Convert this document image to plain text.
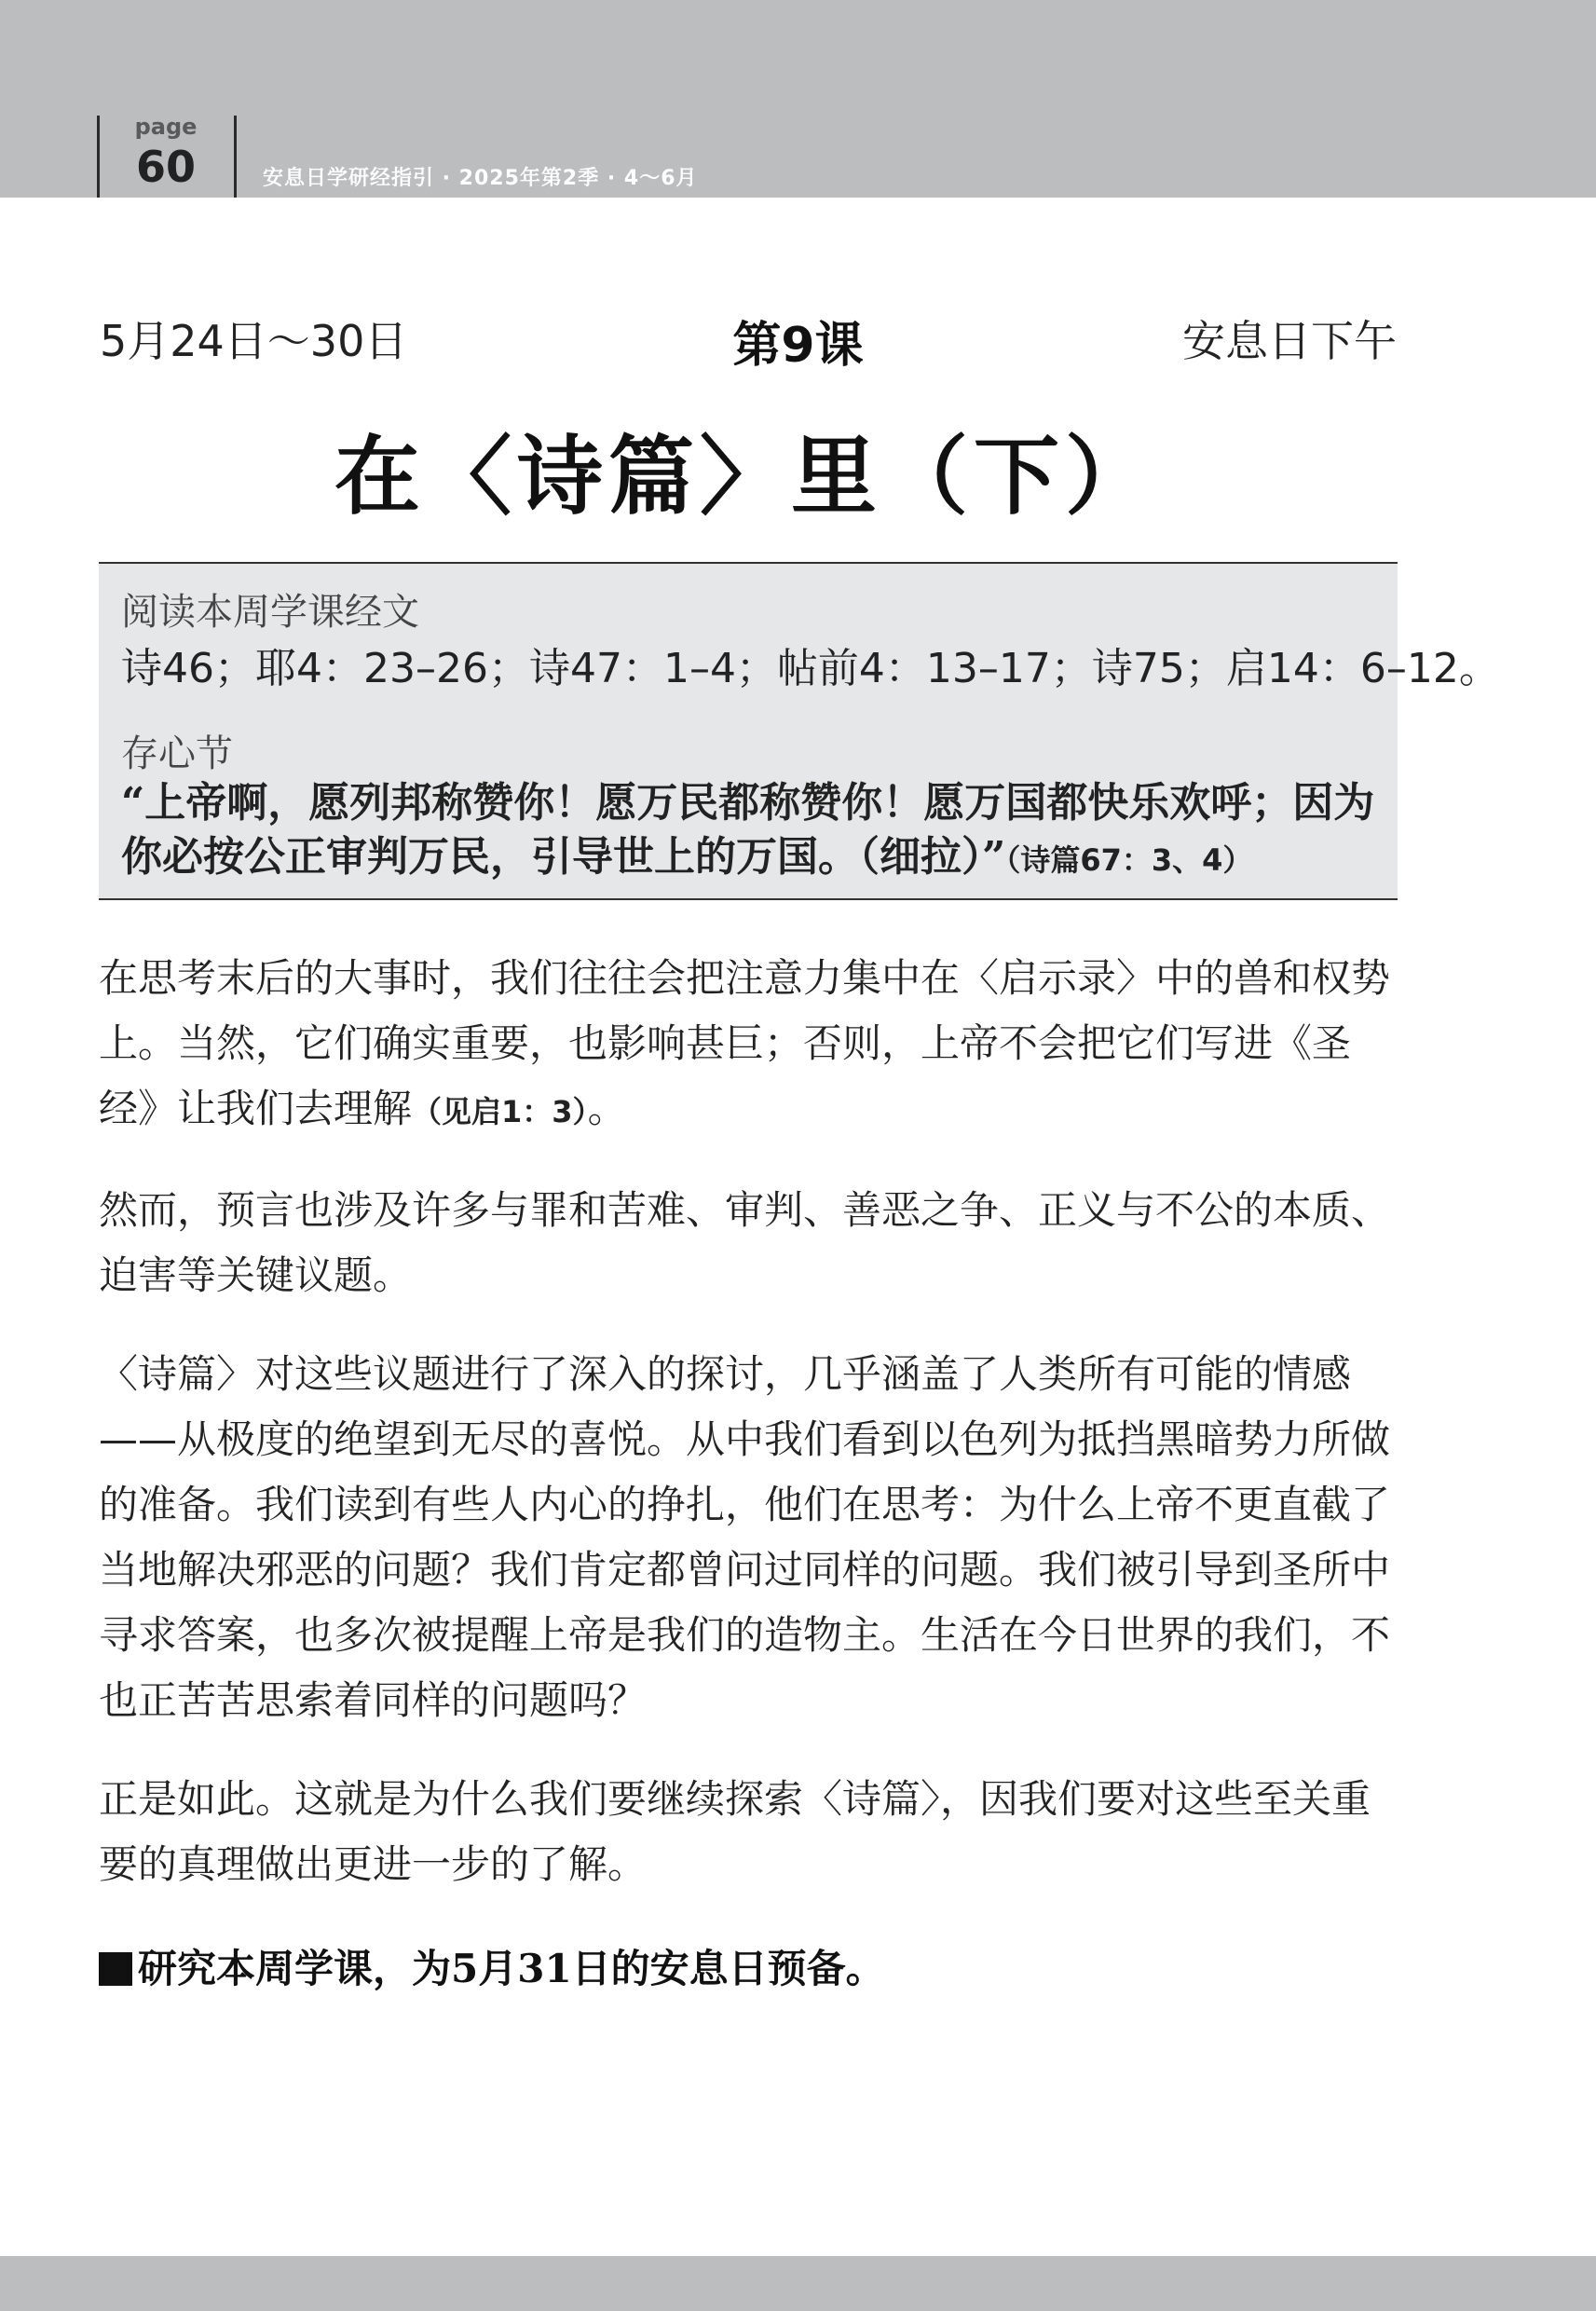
page
60	安息日学研经指引 · 2025年第2季 · 4～6月
5月24日～30日	第9课	安息日下午
在〈诗篇〉里（下）
阅读本周学课经文
诗46；耶4：23–26；诗47：1–4；帖前4：13–17；诗75；启14：6–12。
存心节
“上帝啊，愿列邦称赞你！愿万民都称赞你！愿万国都快乐欢呼；因为你必按公正审判万民，引导世上的万国。（细拉）”（诗篇67：3、4）

在思考末后的大事时，我们往往会把注意力集中在〈启示录〉中的兽和权势上。当然，它们确实重要，也影响甚巨；否则，上帝不会把它们写进《圣经》让我们去理解（见启1：3）。

然而，预言也涉及许多与罪和苦难、审判、善恶之争、正义与不公的本质、迫害等关键议题。

〈诗篇〉对这些议题进行了深入的探讨，几乎涵盖了人类所有可能的情感——从极度的绝望到无尽的喜悦。从中我们看到以色列为抵挡黑暗势力所做的准备。我们读到有些人内心的挣扎，他们在思考：为什么上帝不更直截了当地解决邪恶的问题？我们肯定都曾问过同样的问题。我们被引导到圣所中寻求答案，也多次被提醒上帝是我们的造物主。生活在今日世界的我们，不也正苦苦思索着同样的问题吗？

正是如此。这就是为什么我们要继续探索〈诗篇〉，因我们要对这些至关重要的真理做出更进一步的了解。

研究本周学课，为5月31日的安息日预备。
